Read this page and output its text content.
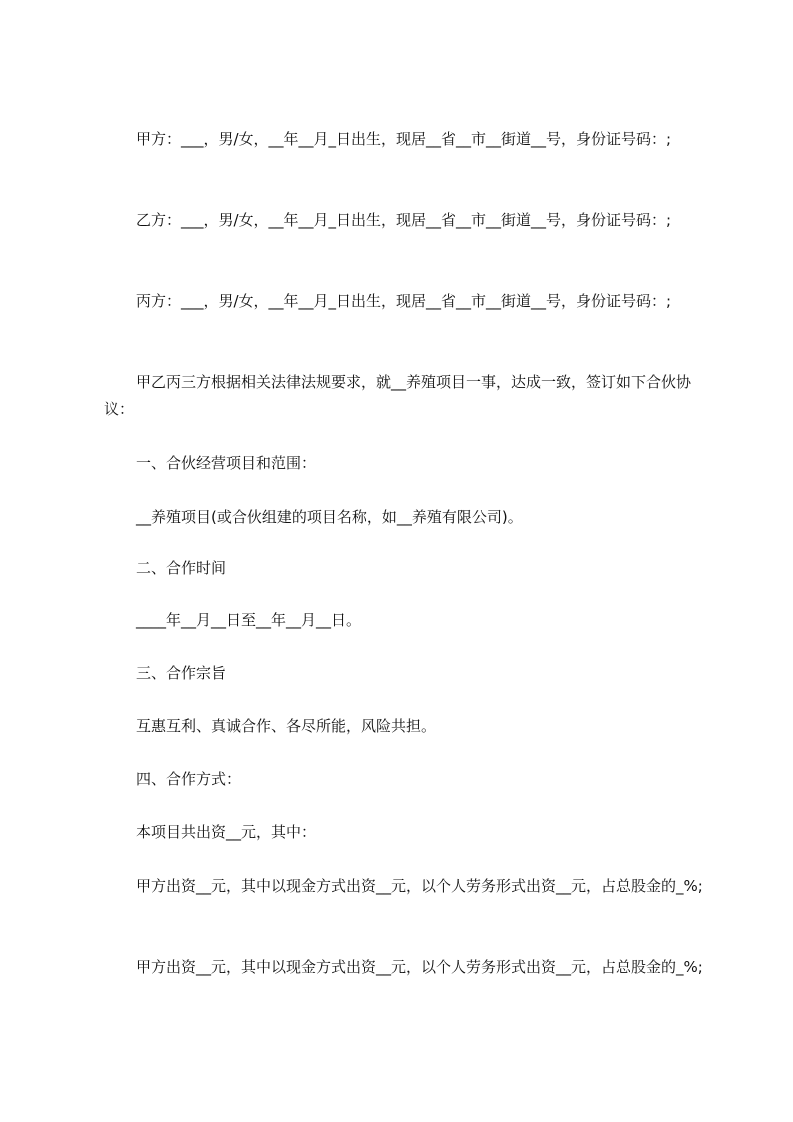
甲方：___，男/女，__年__月_日出生，现居__省__市__街道__号，身份证号码：;

乙方：___，男/女，__年__月_日出生，现居__省__市__街道__号，身份证号码：;

丙方：___，男/女，__年__月_日出生，现居__省__市__街道__号，身份证号码：;

甲乙丙三方根据相关法律法规要求，就__养殖项目一事，达成一致，签订如下合伙协议：

一、合伙经营项目和范围：

__养殖项目(或合伙组建的项目名称，如__养殖有限公司)。

二、合作时间

____年__月__日至__年__月__日。

三、合作宗旨

互惠互利、真诚合作、各尽所能，风险共担。

四、合作方式：

本项目共出资__元，其中：

甲方出资__元，其中以现金方式出资__元，以个人劳务形式出资__元，占总股金的_%;

甲方出资__元，其中以现金方式出资__元，以个人劳务形式出资__元，占总股金的_%;
